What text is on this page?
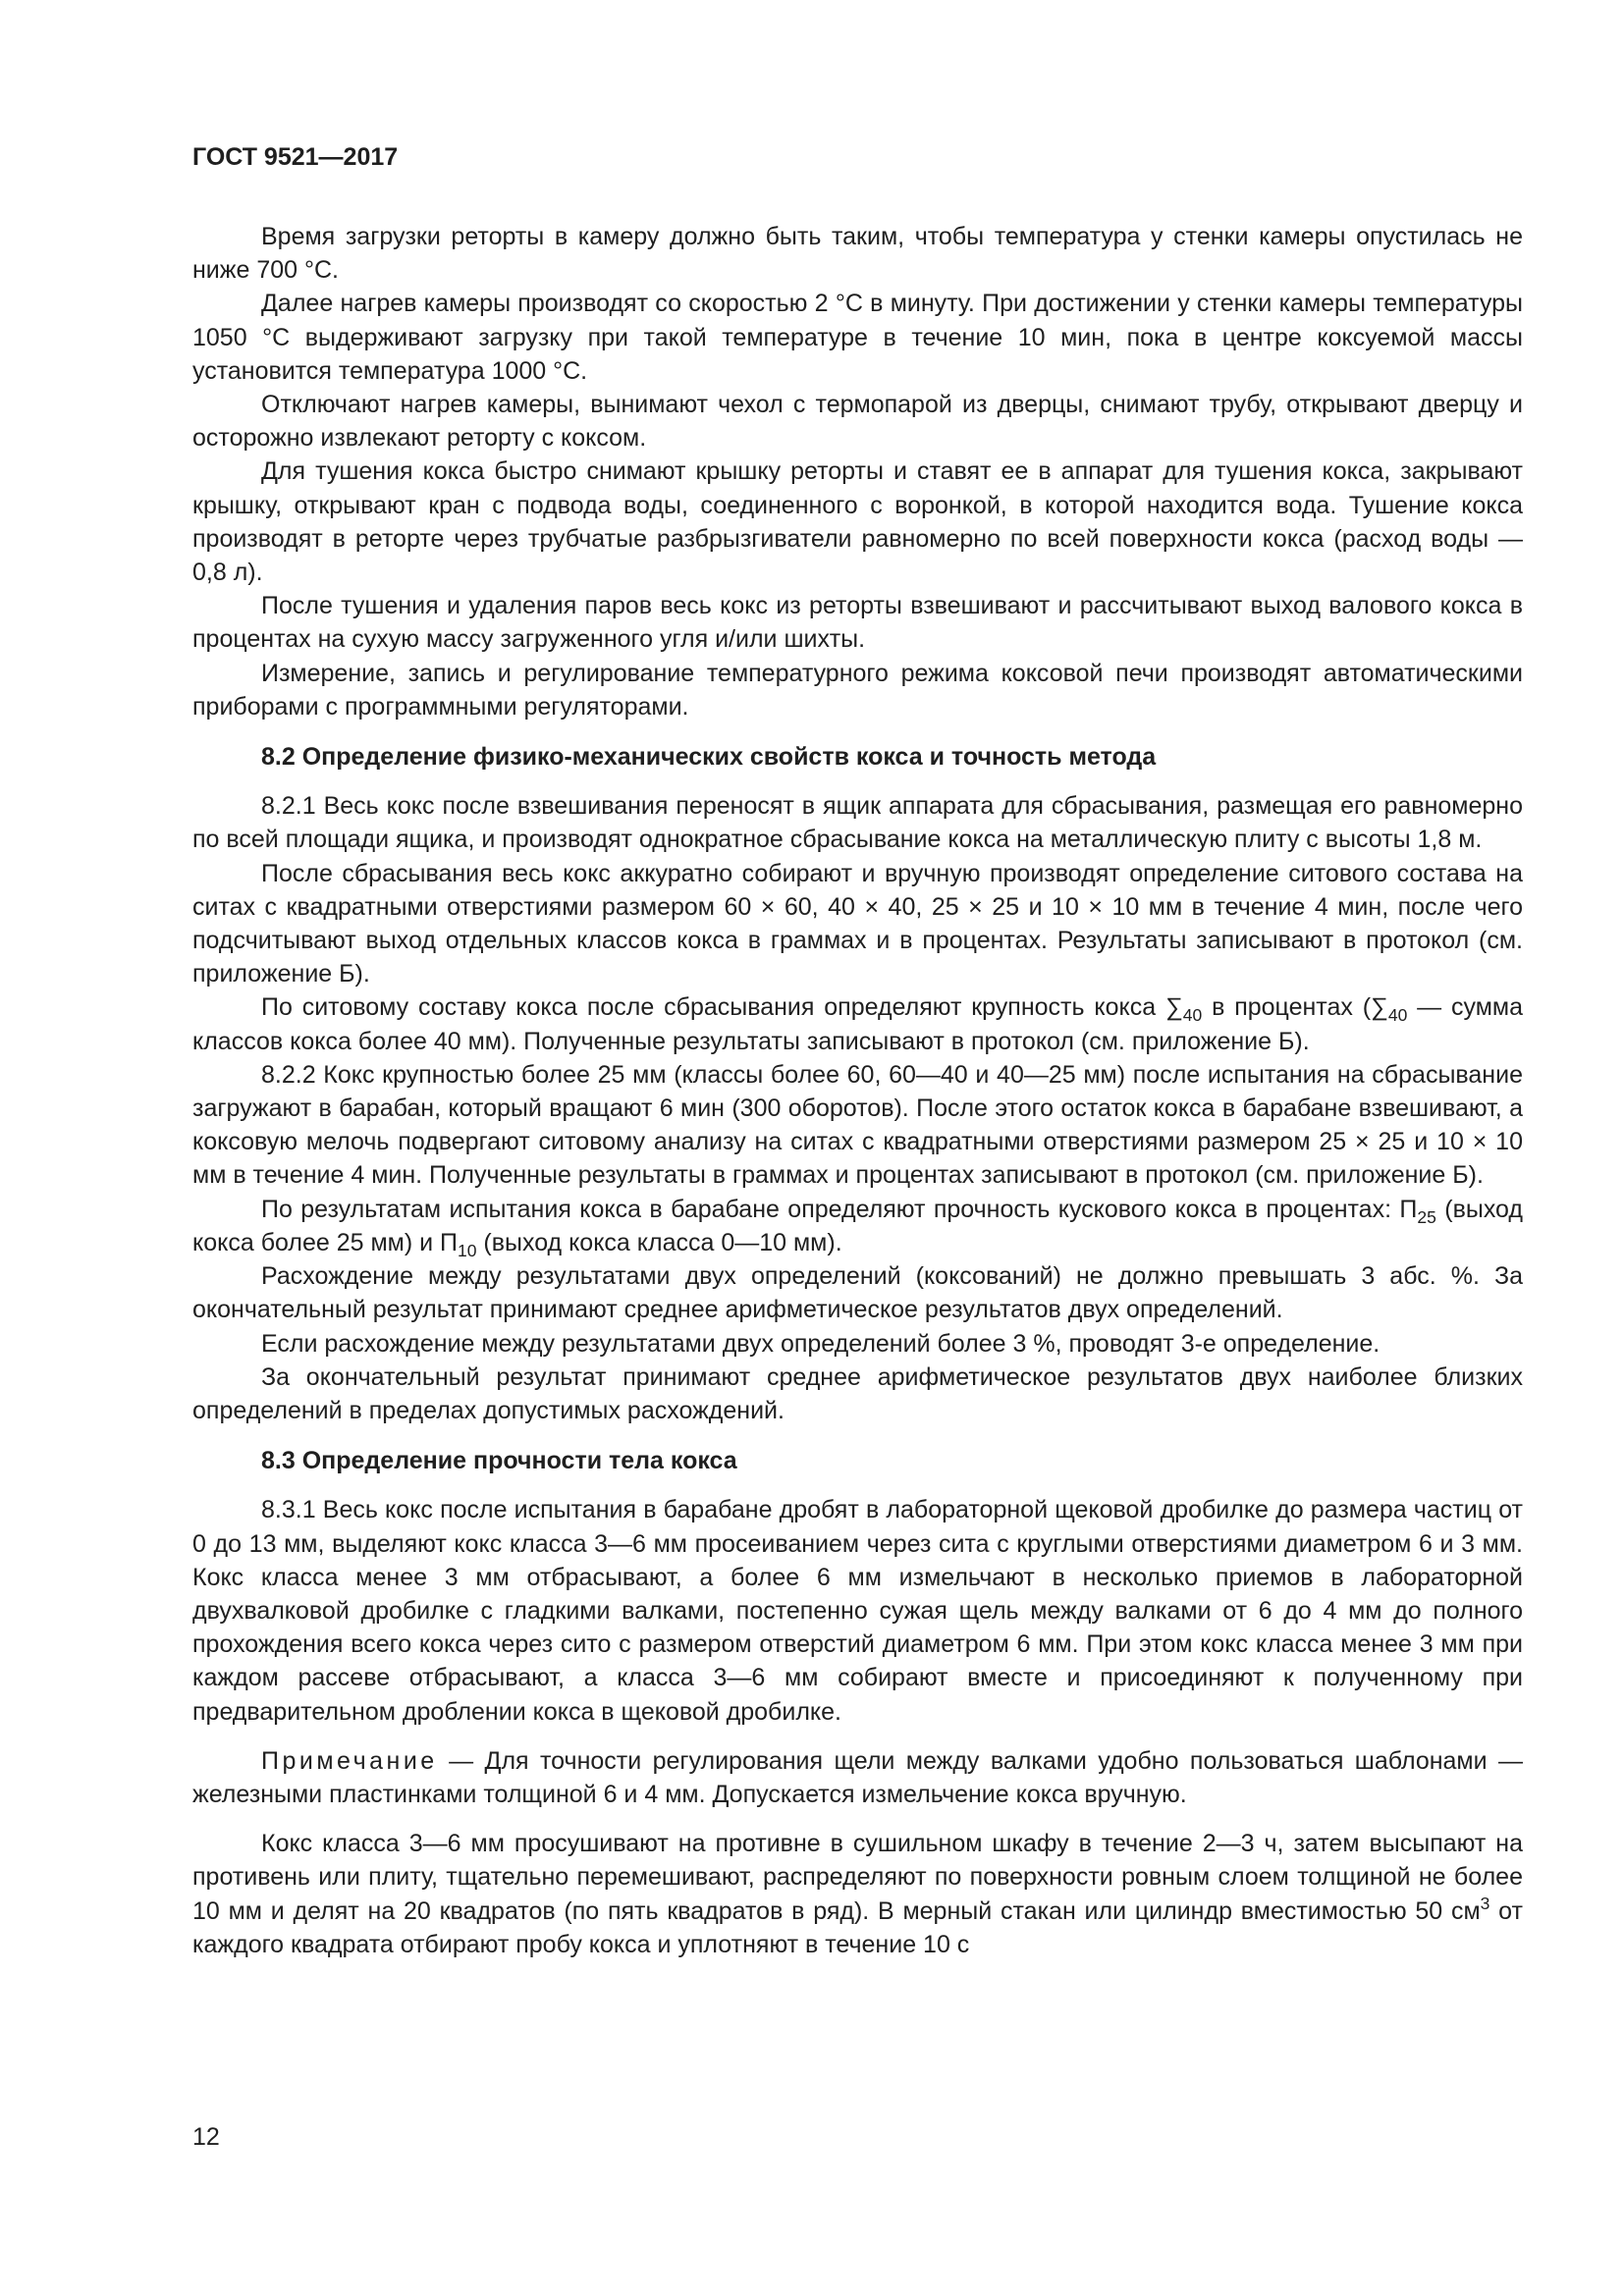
ГОСТ 9521—2017

Время загрузки реторты в камеру должно быть таким, чтобы температура у стенки камеры опустилась не ниже 700 °С.

Далее нагрев камеры производят со скоростью 2 °С в минуту. При достижении у стенки камеры температуры 1050 °С выдерживают загрузку при такой температуре в течение 10 мин, пока в центре коксуемой массы установится температура 1000 °С.

Отключают нагрев камеры, вынимают чехол с термопарой из дверцы, снимают трубу, открывают дверцу и осторожно извлекают реторту с коксом.

Для тушения кокса быстро снимают крышку реторты и ставят ее в аппарат для тушения кокса, закрывают крышку, открывают кран с подвода воды, соединенного с воронкой, в которой находится вода. Тушение кокса производят в реторте через трубчатые разбрызгиватели равномерно по всей поверхности кокса (расход воды — 0,8 л).

После тушения и удаления паров весь кокс из реторты взвешивают и рассчитывают выход валового кокса в процентах на сухую массу загруженного угля и/или шихты.

Измерение, запись и регулирование температурного режима коксовой печи производят автоматическими приборами с программными регуляторами.

8.2 Определение физико-механических свойств кокса и точность метода

8.2.1 Весь кокс после взвешивания переносят в ящик аппарата для сбрасывания, размещая его равномерно по всей площади ящика, и производят однократное сбрасывание кокса на металлическую плиту с высоты 1,8 м.

После сбрасывания весь кокс аккуратно собирают и вручную производят определение ситового состава на ситах с квадратными отверстиями размером 60 × 60, 40 × 40, 25 × 25 и 10 × 10 мм в течение 4 мин, после чего подсчитывают выход отдельных классов кокса в граммах и в процентах. Результаты записывают в протокол (см. приложение Б).

По ситовому составу кокса после сбрасывания определяют крупность кокса $\sum_{40}$ в процентах ($\sum_{40}$ — сумма классов кокса более 40 мм). Полученные результаты записывают в протокол (см. приложение Б).

8.2.2 Кокс крупностью более 25 мм (классы более 60, 60—40 и 40—25 мм) после испытания на сбрасывание загружают в барабан, который вращают 6 мин (300 оборотов). После этого остаток кокса в барабане взвешивают, а коксовую мелочь подвергают ситовому анализу на ситах с квадратными отверстиями размером 25 × 25 и 10 × 10 мм в течение 4 мин. Полученные результаты в граммах и процентах записывают в протокол (см. приложение Б).

По результатам испытания кокса в барабане определяют прочность кускового кокса в процентах: $П_{25}$ (выход кокса более 25 мм) и $П_{10}$ (выход кокса класса 0—10 мм).

Расхождение между результатами двух определений (коксований) не должно превышать 3 абс. %. За окончательный результат принимают среднее арифметическое результатов двух определений.

Если расхождение между результатами двух определений более 3 %, проводят 3-е определение.

За окончательный результат принимают среднее арифметическое результатов двух наиболее близких определений в пределах допустимых расхождений.

8.3 Определение прочности тела кокса

8.3.1 Весь кокс после испытания в барабане дробят в лабораторной щековой дробилке до размера частиц от 0 до 13 мм, выделяют кокс класса 3—6 мм просеиванием через сита с круглыми отверстиями диаметром 6 и 3 мм. Кокс класса менее 3 мм отбрасывают, а более 6 мм измельчают в несколько приемов в лабораторной двухвалковой дробилке с гладкими валками, постепенно сужая щель между валками от 6 до 4 мм до полного прохождения всего кокса через сито с размером отверстий диаметром 6 мм. При этом кокс класса менее 3 мм при каждом рассеве отбрасывают, а класса 3—6 мм собирают вместе и присоединяют к полученному при предварительном дроблении кокса в щековой дробилке.

Примечание — Для точности регулирования щели между валками удобно пользоваться шаблонами — железными пластинками толщиной 6 и 4 мм. Допускается измельчение кокса вручную.

Кокс класса 3—6 мм просушивают на противне в сушильном шкафу в течение 2—3 ч, затем высыпают на противень или плиту, тщательно перемешивают, распределяют по поверхности ровным слоем толщиной не более 10 мм и делят на 20 квадратов (по пять квадратов в ряд). В мерный стакан или цилиндр вместимостью 50 $см^3$ от каждого квадрата отбирают пробу кокса и уплотняют в течение 10 с

12
